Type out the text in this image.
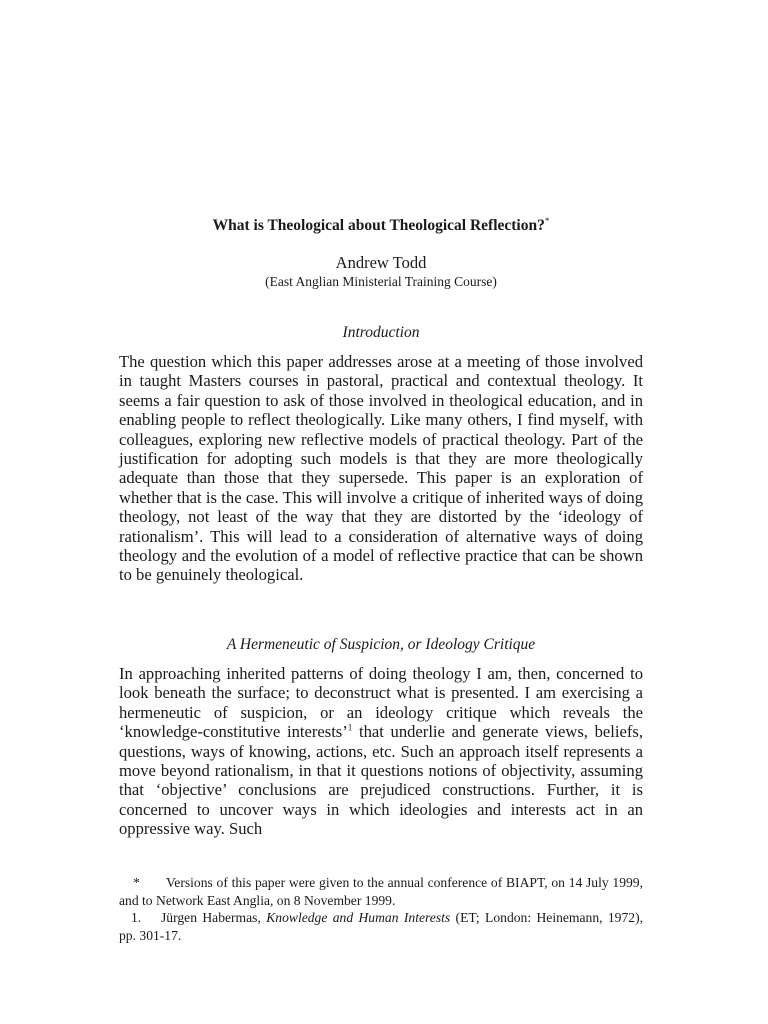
What is Theological about Theological Reflection?*
Andrew Todd
(East Anglian Ministerial Training Course)
Introduction
The question which this paper addresses arose at a meeting of those involved in taught Masters courses in pastoral, practical and contextual theology. It seems a fair question to ask of those involved in theological education, and in enabling people to reflect theologically. Like many others, I find myself, with colleagues, exploring new reflective models of practical theology. Part of the justification for adopting such models is that they are more theologically adequate than those that they supersede. This paper is an exploration of whether that is the case. This will involve a critique of inherited ways of doing theology, not least of the way that they are distorted by the ‘ideology of rationalism’. This will lead to a consideration of alternative ways of doing theology and the evolution of a model of reflective practice that can be shown to be genuinely theological.
A Hermeneutic of Suspicion, or Ideology Critique
In approaching inherited patterns of doing theology I am, then, concerned to look beneath the surface; to deconstruct what is presented. I am exercising a hermeneutic of suspicion, or an ideology critique which reveals the ‘knowledge-constitutive interests’$^1$ that underlie and generate views, beliefs, questions, ways of knowing, actions, etc. Such an approach itself represents a move beyond rationalism, in that it questions notions of objectivity, assuming that ‘objective’ conclusions are prejudiced constructions. Further, it is concerned to uncover ways in which ideologies and interests act in an oppressive way. Such

* Versions of this paper were given to the annual conference of BIAPT, on 14 July 1999, and to Network East Anglia, on 8 November 1999.

1. Jürgen Habermas, Knowledge and Human Interests (ET; London: Heinemann, 1972), pp. 301-17.
